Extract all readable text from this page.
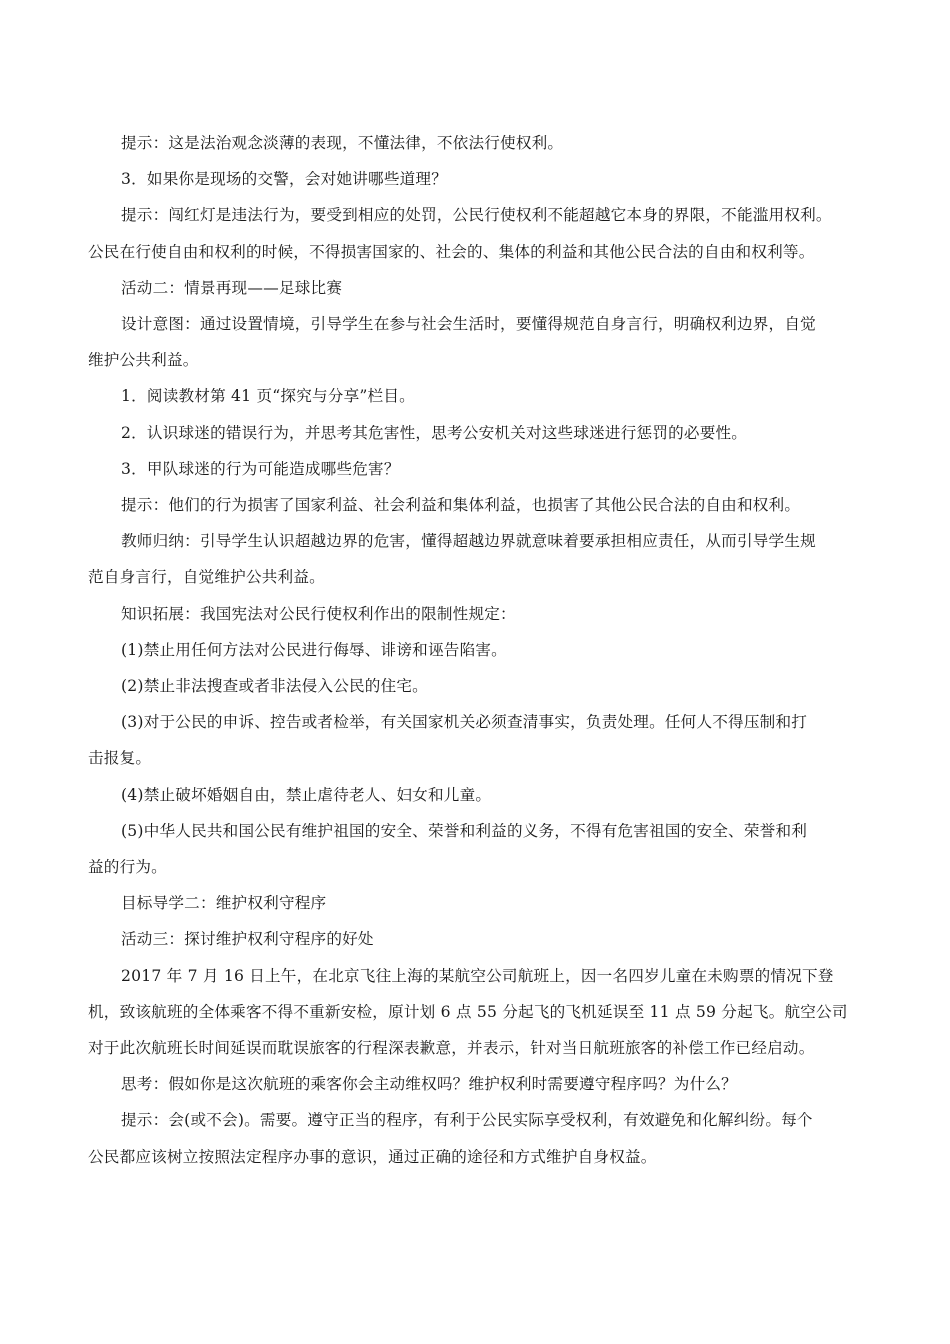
提示：这是法治观念淡薄的表现，不懂法律，不依法行使权利。

3．如果你是现场的交警，会对她讲哪些道理？

提示：闯红灯是违法行为，要受到相应的处罚，公民行使权利不能超越它本身的界限，不能滥用权利。

公民在行使自由和权利的时候，不得损害国家的、社会的、集体的利益和其他公民合法的自由和权利等。

活动二：情景再现——足球比赛

设计意图：通过设置情境，引导学生在参与社会生活时，要懂得规范自身言行，明确权利边界，自觉

维护公共利益。

1．阅读教材第 41 页“探究与分享”栏目。

2．认识球迷的错误行为，并思考其危害性，思考公安机关对这些球迷进行惩罚的必要性。

3．甲队球迷的行为可能造成哪些危害？

提示：他们的行为损害了国家利益、社会利益和集体利益，也损害了其他公民合法的自由和权利。

教师归纳：引导学生认识超越边界的危害，懂得超越边界就意味着要承担相应责任，从而引导学生规

范自身言行，自觉维护公共利益。

知识拓展：我国宪法对公民行使权利作出的限制性规定：

(1)禁止用任何方法对公民进行侮辱、诽谤和诬告陷害。

(2)禁止非法搜查或者非法侵入公民的住宅。

(3)对于公民的申诉、控告或者检举，有关国家机关必须查清事实，负责处理。任何人不得压制和打

击报复。

(4)禁止破坏婚姻自由，禁止虐待老人、妇女和儿童。

(5)中华人民共和国公民有维护祖国的安全、荣誉和利益的义务，不得有危害祖国的安全、荣誉和利

益的行为。

目标导学二：维护权利守程序

活动三：探讨维护权利守程序的好处

2017 年 7 月 16 日上午，在北京飞往上海的某航空公司航班上，因一名四岁儿童在未购票的情况下登

机，致该航班的全体乘客不得不重新安检，原计划 6 点 55 分起飞的飞机延误至 11 点 59 分起飞。航空公司

对于此次航班长时间延误而耽误旅客的行程深表歉意，并表示，针对当日航班旅客的补偿工作已经启动。

思考：假如你是这次航班的乘客你会主动维权吗？维护权利时需要遵守程序吗？为什么？

提示：会(或不会)。需要。遵守正当的程序，有利于公民实际享受权利，有效避免和化解纠纷。每个

公民都应该树立按照法定程序办事的意识，通过正确的途径和方式维护自身权益。
